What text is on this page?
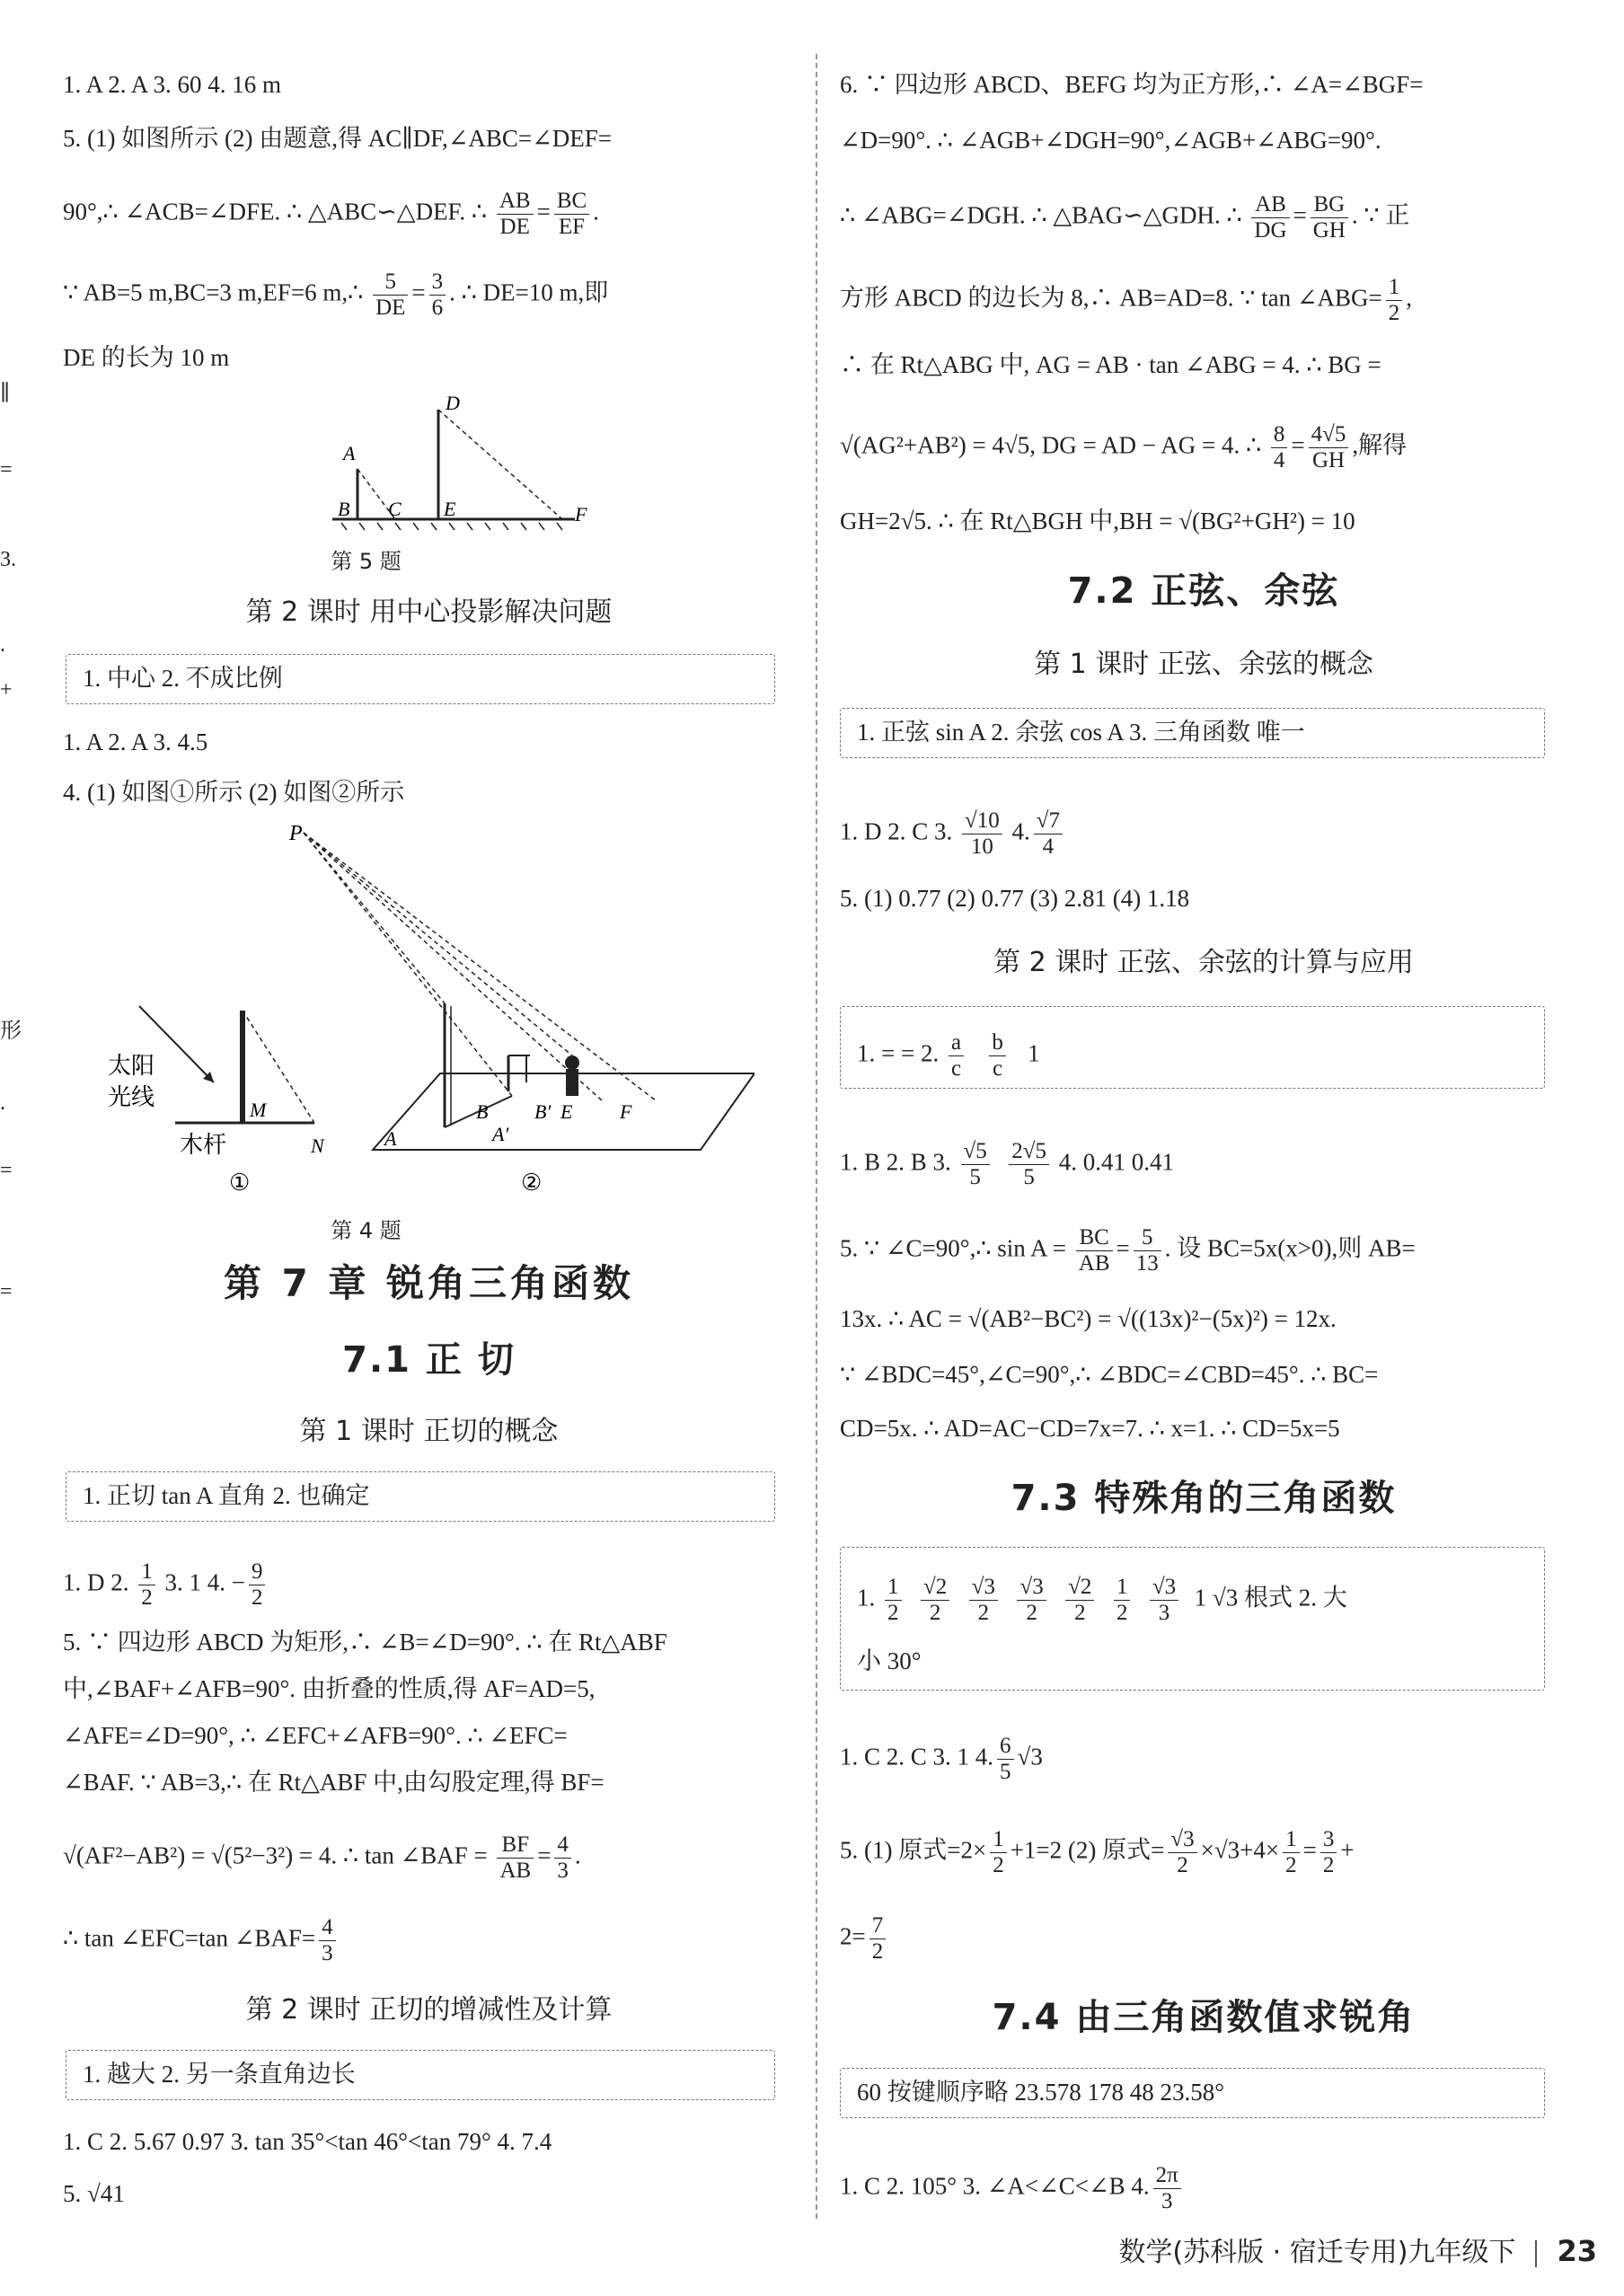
∥
=
3.
.
+
形
.
=
=
1. A 2. A 3. 60 4. 16 m
5. (1) 如图所示 (2) 由题意,得 AC∥DF,∠ABC=∠DEF=
90°,∴ ∠ACB=∠DFE. ∴ △ABC∽△DEF. ∴ $\frac{AB}{DE} = \frac{BC}{EF}$ .
∵ AB=5 m,BC=3 m,EF=6 m,∴ $\frac{5}{DE} = \frac{3}{6}$ . ∴ DE=10 m,即
DE 的长为 10 m
A
B C
D
E	F
第 5 题
第 2 课时 用中心投影解决问题
1. 中心 2. 不成比例
1. A 2. A 3. 4.5
4. (1) 如图①所示 (2) 如图②所示
太阳
光线	M
N
木杆
①
P
A
B
A′
B′ E F
②
第 4 题
第 7 章 锐角三角函数
7.1 正 切
第 1 课时 正切的概念
1. 正切 tan A 直角 2. 也确定
1. D 2. $\frac{1}{2} 3$. 1 4. − $\frac{9}{2}$
5. ∵ 四边形 ABCD 为矩形,∴ ∠B=∠D=90°. ∴ 在 Rt△ABF
中,∠BAF+∠AFB=90°. 由折叠的性质,得 AF=AD=5,
∠AFE=∠D=90°, ∴ ∠EFC+∠AFB=90°. ∴ ∠EFC=
∠BAF. ∵ AB=3,∴ 在 Rt△ABF 中,由勾股定理,得 BF=
√(AF²−AB²) = √(5²−3²) = 4. ∴ tan ∠BAF = $\frac{BF}{AB} = \frac{4}{3}$ .
∴ tan ∠EFC=tan ∠BAF= $\frac{4}{3}$
第 2 课时 正切的增减性及计算
1. 越大 2. 另一条直角边长
1. C 2. 5.67 0.97 3. tan 35°<tan 46°<tan 79° 4. 7.4
5. √41
6. ∵ 四边形 ABCD、BEFG 均为正方形,∴ ∠A=∠BGF=
∠D=90°. ∴ ∠AGB+∠DGH=90°,∠AGB+∠ABG=90°.
∴ ∠ABG=∠DGH. ∴ △BAG∽△GDH. ∴ $\frac{AB}{DG} = \frac{BG}{GH}$ . ∵ 正
方形 ABCD 的边长为 8,∴ AB=AD=8. ∵ tan ∠ABG= $\frac{1}{2}$ ,
∴ 在 Rt△ABG 中, AG = AB · tan ∠ABG = 4. ∴ BG =
√(AG²+AB²) = 4√5, DG = AD − AG = 4. ∴ $\frac{8}{4} = \frac{4√5}{GH}$ ,解得
GH=2√5. ∴ 在 Rt△BGH 中,BH = √(BG²+GH²) = 10
7.2 正弦、余弦
第 1 课时 正弦、余弦的概念
1. 正弦 sin A 2. 余弦 cos A 3. 三角函数 唯一
1. D 2. C 3. $\frac{√10}{10} 4$. $\frac{√7}{4}$
5. (1) 0.77 (2) 0.77 (3) 2.81 (4) 1.18
第 2 课时 正弦、余弦的计算与应用
1. = = 2. $\frac{a}{c}$
$\frac{b}{c} 1$
1. B 2. B 3. $\frac{√5}{5}$
$\frac{2√5}{5} 4$. 0.41 0.41
5. ∵ ∠C=90°,∴ $\sin A = \frac{BC}{AB} = \frac{5}{13}$ . 设 BC=5x(x>0),则 AB=
13x. ∴ AC = √(AB²−BC²) = √((13x)²−(5x)²) = 12x.
∵ ∠BDC=45°,∠C=90°,∴ ∠BDC=∠CBD=45°. ∴ BC=
CD=5x. ∴ AD=AC−CD=7x=7. ∴ x=1. ∴ CD=5x=5
7.3 特殊角的三角函数
1. $\frac{1}{2}$
$\frac{√2}{2}$
$\frac{√3}{2}$
$\frac{√3}{2}$
$\frac{√2}{2}$
$\frac{1}{2}$
$\frac{√3}{3} 1$ √3 根式 2. 大
小 30°
1. C 2. C 3. 1 4. $\frac{6}{5} √3$
5. (1) 原式$=2\times \frac{1}{2} +1=2$ (2) 原式= $\frac{√3}{2} \times√3+4\times \frac{1}{2} = \frac{3}{2}$ +
$2= \frac{7}{2}$
7.4 由三角函数值求锐角
60 按键顺序略 23.578 178 48 23.58°
1. C 2. 105° 3. ∠A<∠C<∠B 4. $\frac{2\pi}{3}$
数学(苏科版 · 宿迁专用)九年级下 23
